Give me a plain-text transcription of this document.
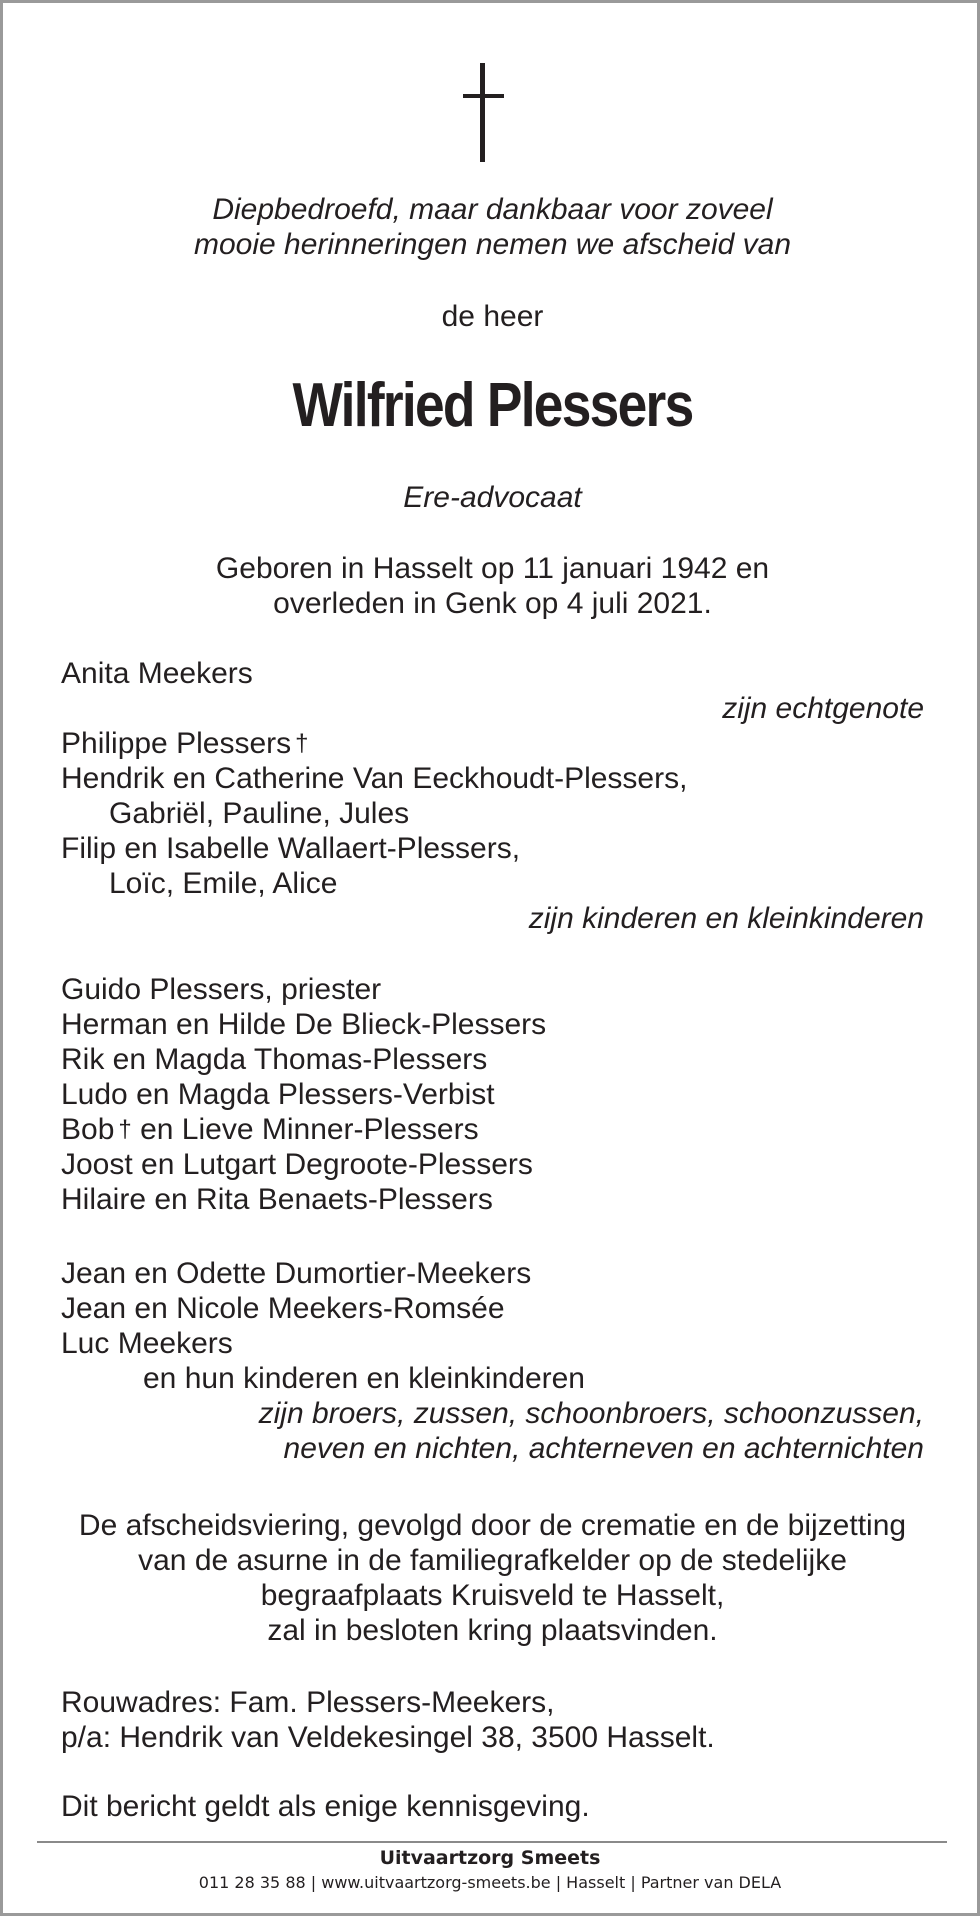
Diepbedroefd, maar dankbaar voor zoveel
mooie herinneringen nemen we afscheid van
de heer
Wilfried Plessers
Ere-advocaat
Geboren in Hasselt op 11 januari 1942 en
overleden in Genk op 4 juli 2021.
Anita Meekers
zijn echtgenote
Philippe Plessers †
Hendrik en Catherine Van Eeckhoudt-Plessers,
Gabriël, Pauline, Jules
Filip en Isabelle Wallaert-Plessers,
Loïc, Emile, Alice
zijn kinderen en kleinkinderen
Guido Plessers, priester
Herman en Hilde De Blieck-Plessers
Rik en Magda Thomas-Plessers
Ludo en Magda Plessers-Verbist
Bob † en Lieve Minner-Plessers
Joost en Lutgart Degroote-Plessers
Hilaire en Rita Benaets-Plessers
Jean en Odette Dumortier-Meekers
Jean en Nicole Meekers-Romsée
Luc Meekers
en hun kinderen en kleinkinderen
zijn broers, zussen, schoonbroers, schoonzussen,
neven en nichten, achterneven en achternichten
De afscheidsviering, gevolgd door de crematie en de bijzetting
van de asurne in de familiegrafkelder op de stedelijke
begraafplaats Kruisveld te Hasselt,
zal in besloten kring plaatsvinden.
Rouwadres: Fam. Plessers-Meekers,
p/a: Hendrik van Veldekesingel 38, 3500 Hasselt.
Dit bericht geldt als enige kennisgeving.
Uitvaartzorg Smeets
011 28 35 88 | www.uitvaartzorg-smeets.be | Hasselt | Partner van DELA
